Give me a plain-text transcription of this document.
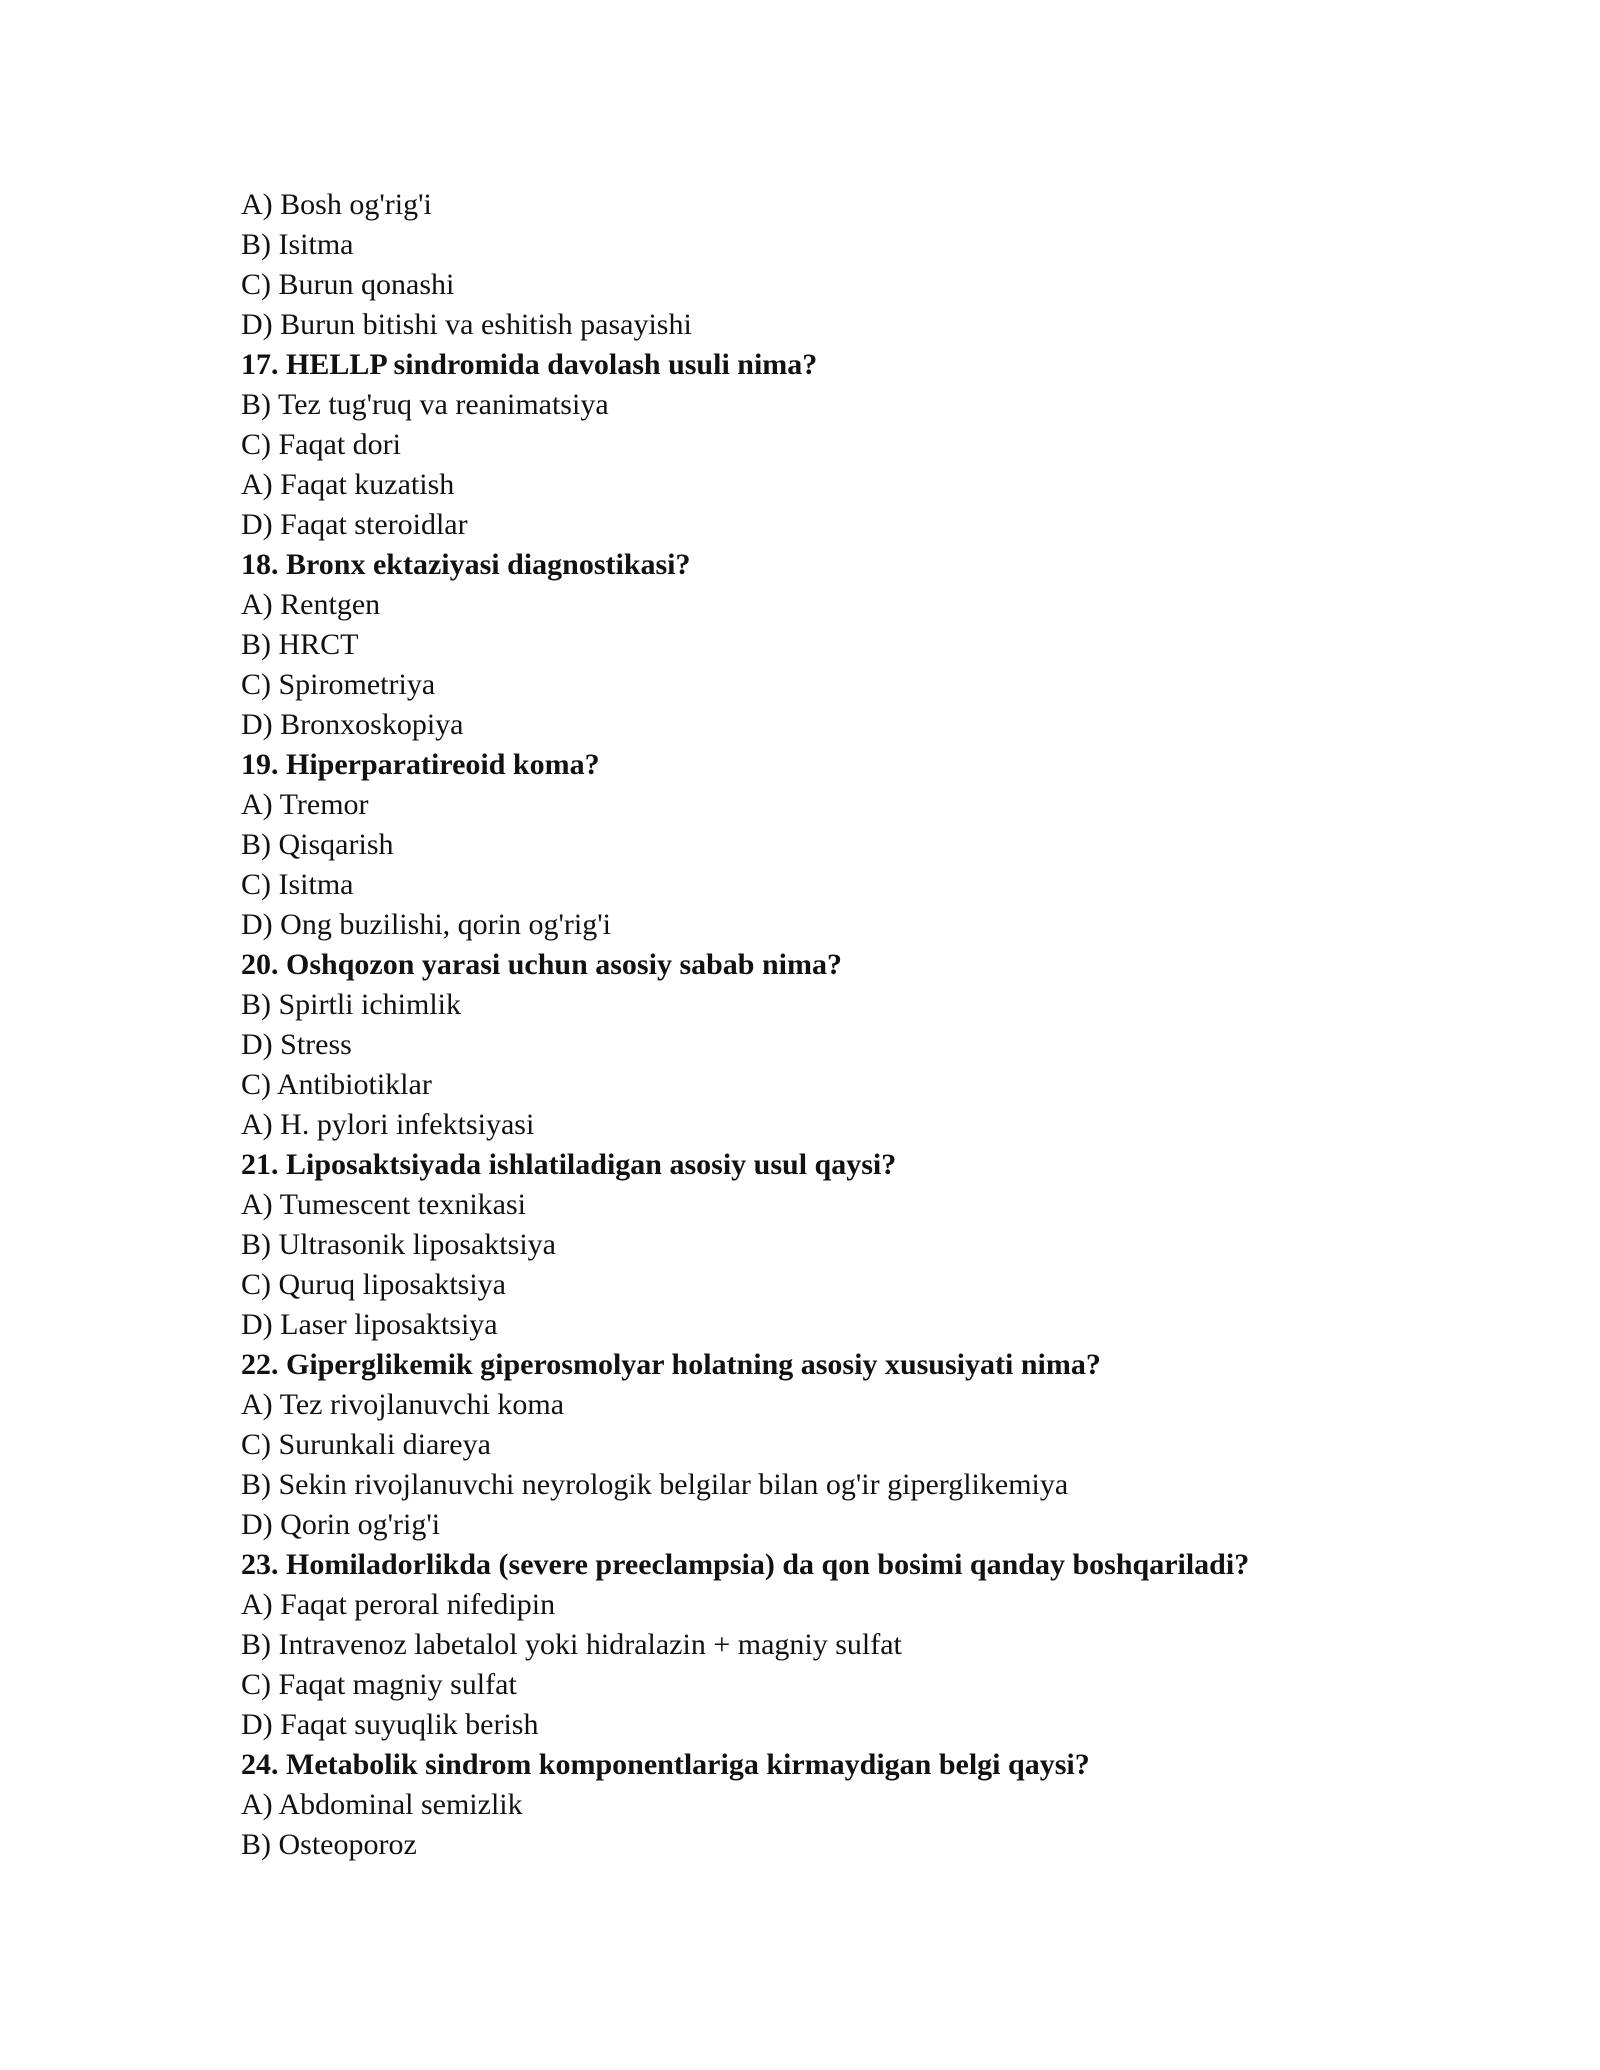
A) Bosh og'rig'i
B) Isitma
C) Burun qonashi
D) Burun bitishi va eshitish pasayishi
17. HELLP sindromida davolash usuli nima?
B) Tez tug'ruq va reanimatsiya
C) Faqat dori
A) Faqat kuzatish
D) Faqat steroidlar
18. Bronx ektaziyasi diagnostikasi?
A) Rentgen
B) HRCT
C) Spirometriya
D) Bronxoskopiya
19. Hiperparatireoid koma?
A) Tremor
B) Qisqarish
C) Isitma
D) Ong buzilishi, qorin og'rig'i
20. Oshqozon yarasi uchun asosiy sabab nima?
B) Spirtli ichimlik
D) Stress
C) Antibiotiklar
A) H. pylori infektsiyasi
21. Liposaktsiyada ishlatiladigan asosiy usul qaysi?
A) Tumescent texnikasi
B) Ultrasonik liposaktsiya
C) Quruq liposaktsiya
D) Laser liposaktsiya
22. Giperglikemik giperosmolyar holatning asosiy xususiyati nima?
A) Tez rivojlanuvchi koma
C) Surunkali diareya
B) Sekin rivojlanuvchi neyrologik belgilar bilan og'ir giperglikemiya
D) Qorin og'rig'i
23. Homiladorlikda (severe preeclampsia) da qon bosimi qanday boshqariladi?
A) Faqat peroral nifedipin
B) Intravenoz labetalol yoki hidralazin + magniy sulfat
C) Faqat magniy sulfat
D) Faqat suyuqlik berish
24. Metabolik sindrom komponentlariga kirmaydigan belgi qaysi?
A) Abdominal semizlik
B) Osteoporoz
